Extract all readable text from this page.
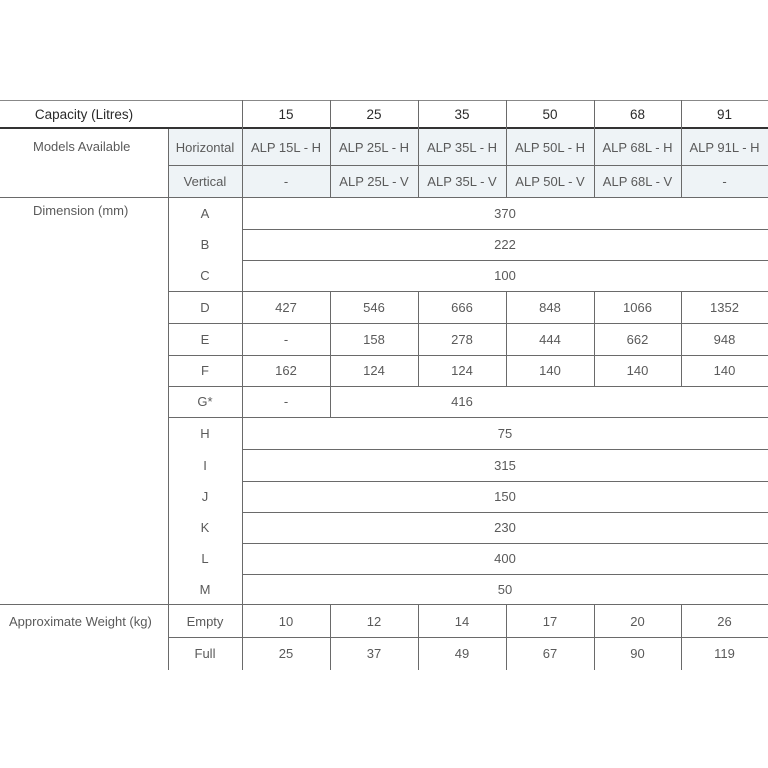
Capacity (Litres)	15	25	35	50	68	91
Models Available	Horizontal	ALP 15L - H	ALP 25L - H	ALP 35L - H	ALP 50L - H	ALP 68L - H	ALP 91L - H
Vertical	-	ALP 25L - V	ALP 35L - V	ALP 50L - V	ALP 68L - V	-
Dimension (mm)	A	370
B	222
C	100
D	427	546	666	848	1066	1352
E	-	158	278	444	662	948
F	162	124	124	140	140	140
G*	-	416
H	75
I	315
J	150
K	230
L	400
M	50
Approximate Weight (kg)	Empty	10	12	14	17	20	26
Full	25	37	49	67	90	119
